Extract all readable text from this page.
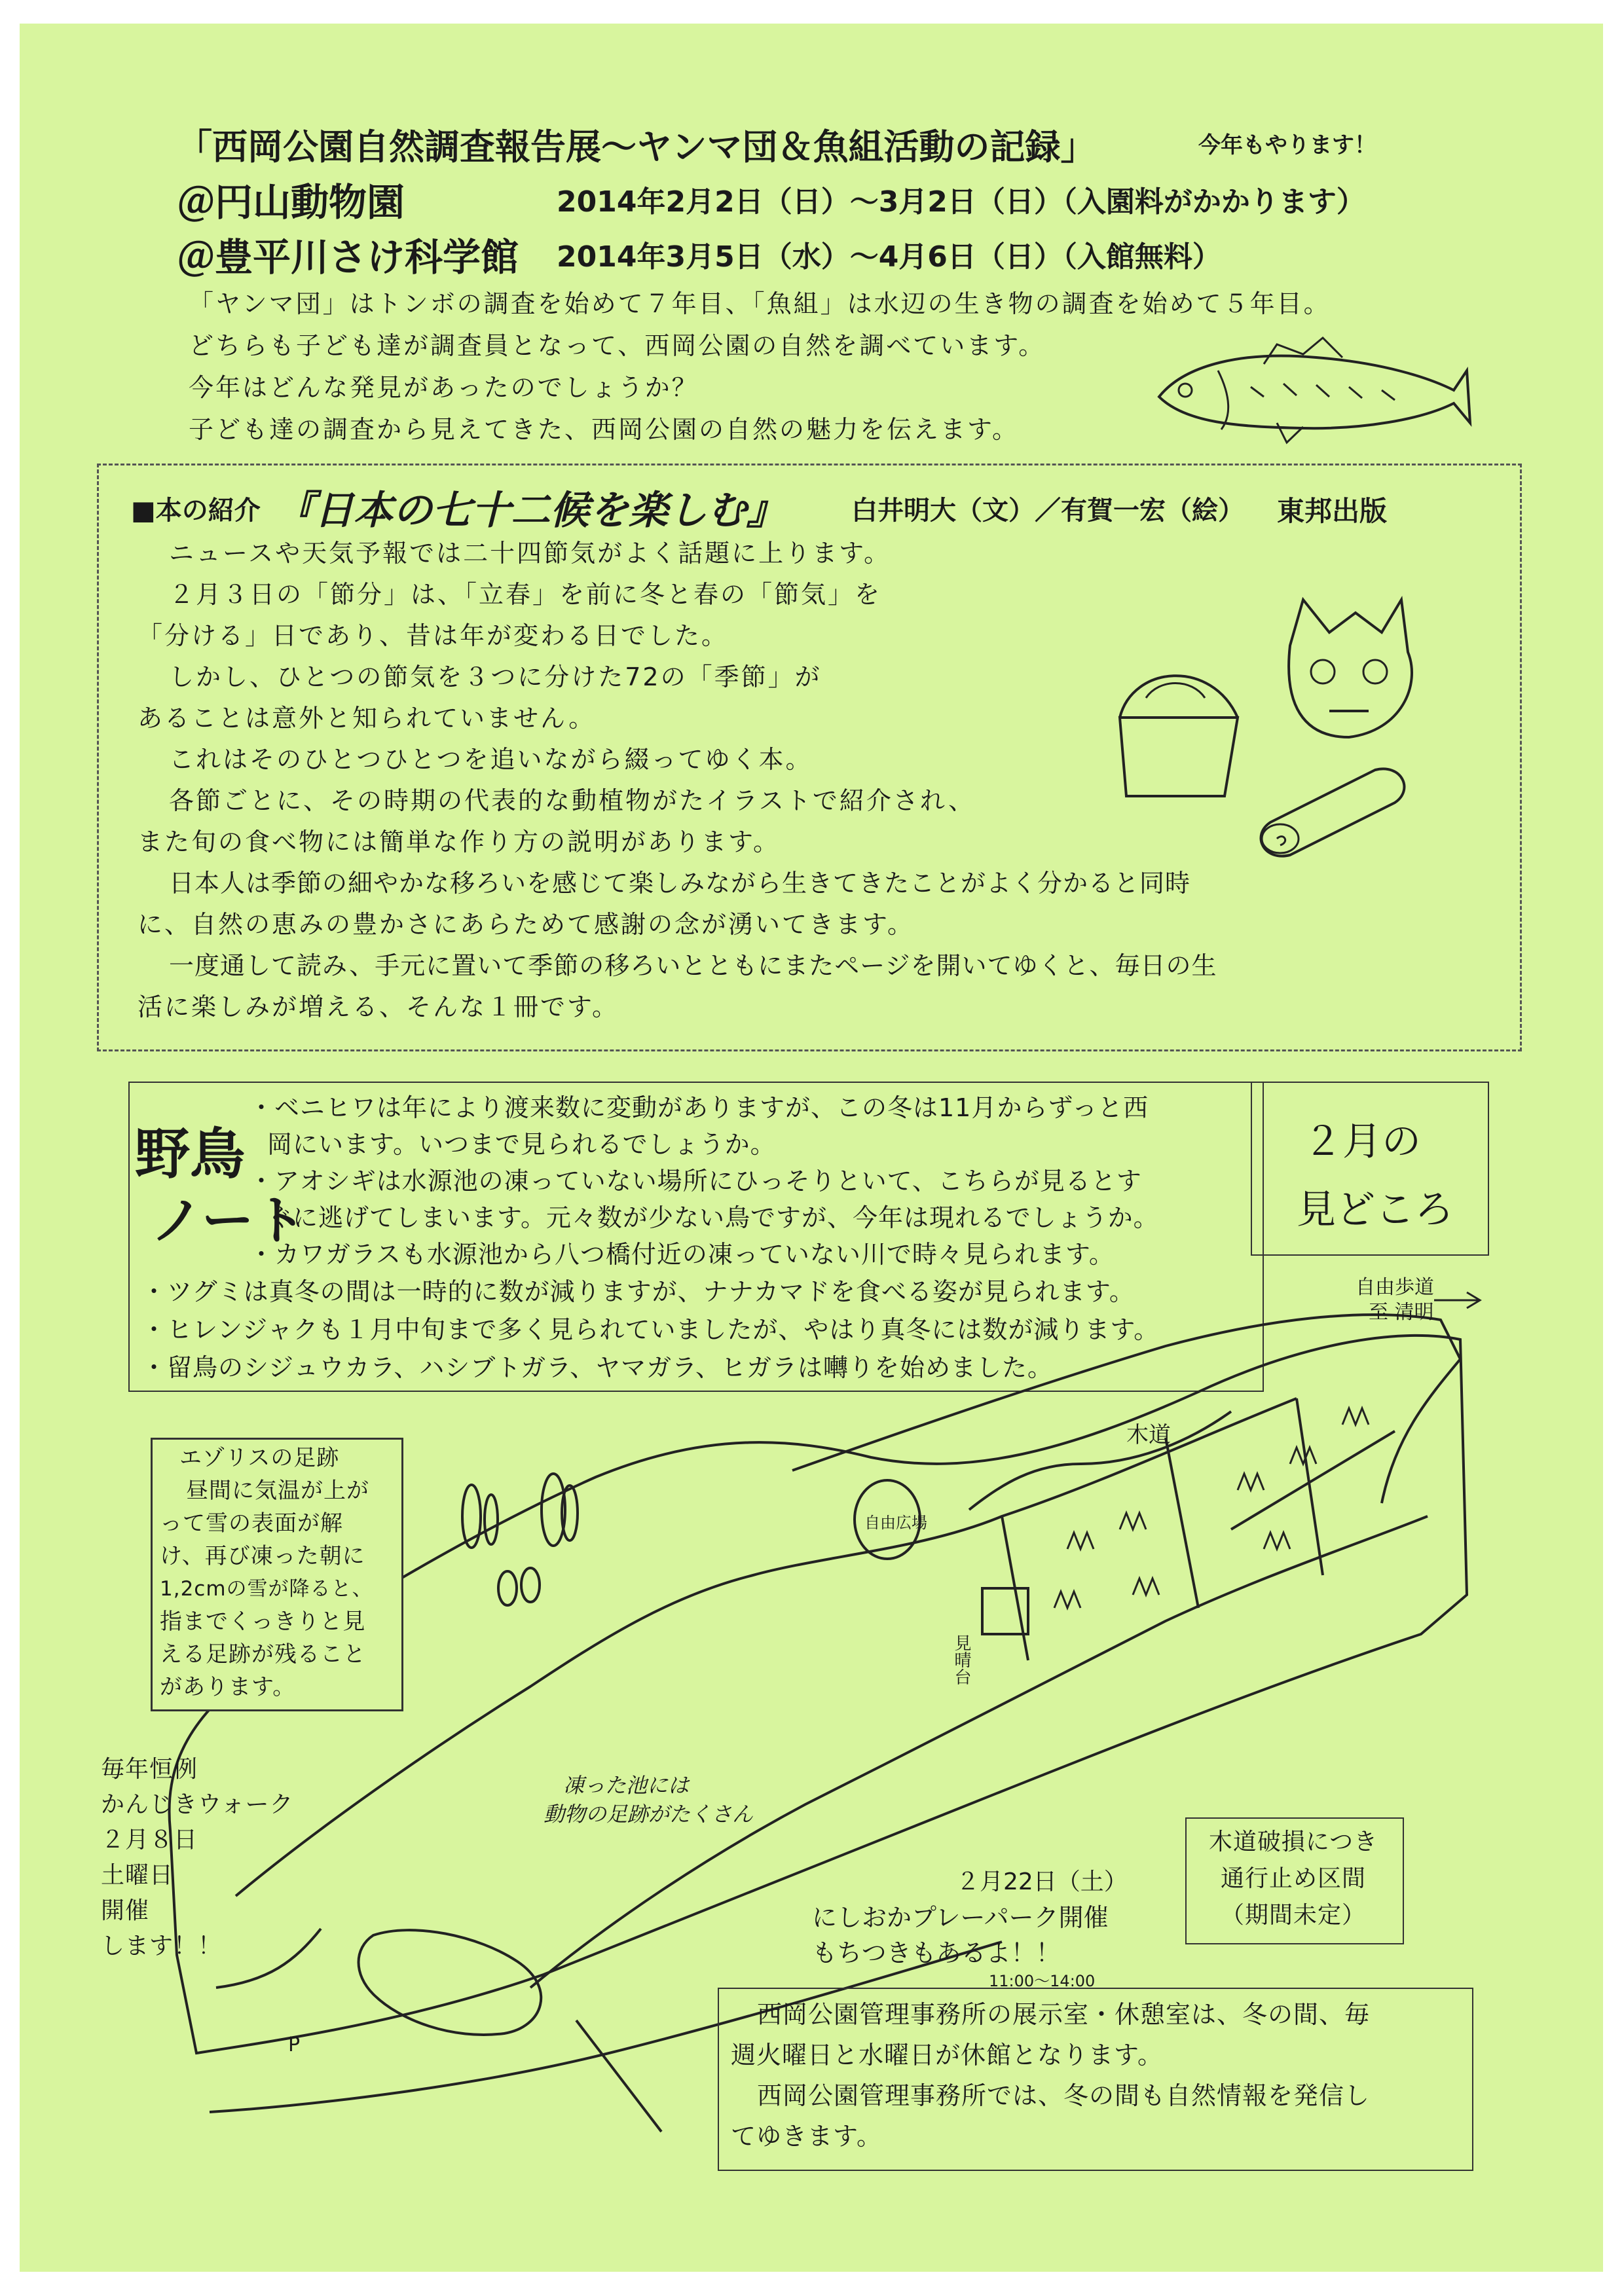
「西岡公園自然調査報告展～ヤンマ団＆魚組活動の記録」	今年もやります！
＠円山動物園	2014年2月2日（日）～3月2日（日）（入園料がかかります）
＠豊平川さけ科学館 2014年3月5日（水）～4月6日（日）（入館無料）
「ヤンマ団」はトンボの調査を始めて７年目、「魚組」は水辺の生き物の調査を始めて５年目。
どちらも子ども達が調査員となって、西岡公園の自然を調べています。
今年はどんな発見があったのでしょうか？
子ども達の調査から見えてきた、西岡公園の自然の魅力を伝えます。
■本の紹介 『日本の七十二候を楽しむ』	白井明大（文）／有賀一宏（絵） 東邦出版
ニュースや天気予報では二十四節気がよく話題に上ります。
２月３日の「節分」は、「立春」を前に冬と春の「節気」を
「分ける」日であり、昔は年が変わる日でした。
しかし、ひとつの節気を３つに分けた72の「季節」が
あることは意外と知られていません。
これはそのひとつひとつを追いながら綴ってゆく本。
各節ごとに、その時期の代表的な動植物がたイラストで紹介され、
また旬の食べ物には簡単な作り方の説明があります。
日本人は季節の細やかな移ろいを感じて楽しみながら生きてきたことがよく分かると同時
に、自然の恵みの豊かさにあらためて感謝の念が湧いてきます。
一度通して読み、手元に置いて季節の移ろいとともにまたページを開いてゆくと、毎日の生
活に楽しみが増える、そんな１冊です。
野鳥
ノート
・ベニヒワは年により渡来数に変動がありますが、この冬は11月からずっと西
岡にいます。いつまで見られるでしょうか。
・アオシギは水源池の凍っていない場所にひっそりといて、こちらが見るとす
ぐに逃げてしまいます。元々数が少ない鳥ですが、今年は現れるでしょうか。
・カワガラスも水源池から八つ橋付近の凍っていない川で時々見られます。
・ツグミは真冬の間は一時的に数が減りますが、ナナカマドを食べる姿が見られます。
・ヒレンジャクも１月中旬まで多く見られていましたが、やはり真冬には数が減ります。
・留鳥のシジュウカラ、ハシブトガラ、ヤマガラ、ヒガラは囀りを始めました。
２月の
見どころ
自由歩道
至 清明
木道
自由広場
見晴台
凍った池には
動物の足跡がたくさん
P
エゾリスの足跡
昼間に気温が上が
って雪の表面が解
け、再び凍った朝に
1,2cmの雪が降ると、
指までくっきりと見
える足跡が残ること
があります。
毎年恒例
かんじきウォーク
２月８日
土曜日
開催
します！！
２月22日（土）
にしおかプレーパーク開催
もちつきもあるよ！！
11:00～14:00
木道破損につき
通行止め区間
（期間未定）
西岡公園管理事務所の展示室・休憩室は、冬の間、毎
週火曜日と水曜日が休館となります。
西岡公園管理事務所では、冬の間も自然情報を発信し
てゆきます。
